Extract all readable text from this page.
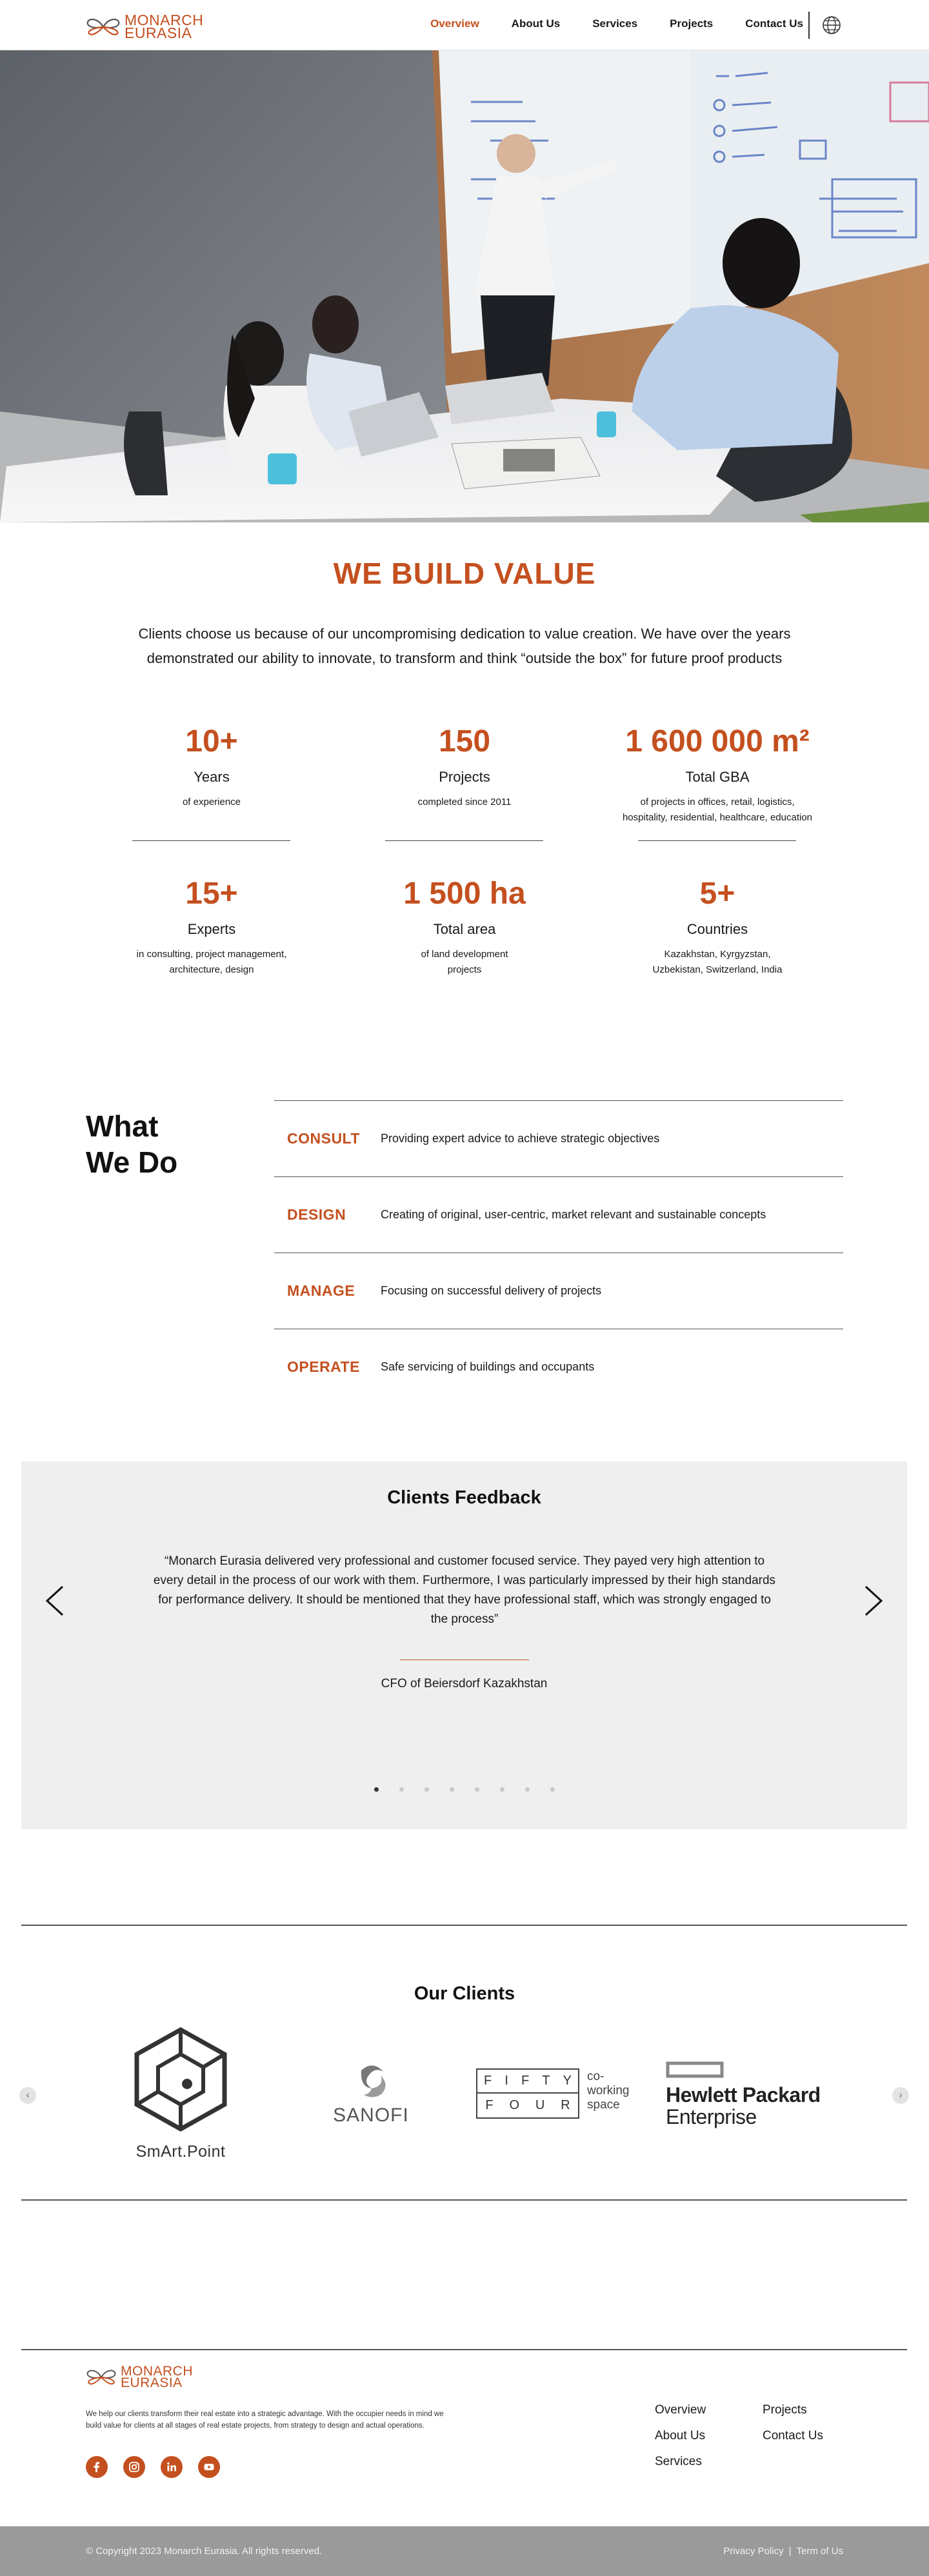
MONARCH
EURASIA
Overview	About Us	Services	Projects	Contact Us
WE BUILD VALUE

Clients choose us because of our uncompromising dedication to value creation. We have over the years demonstrated our ability to innovate, to transform and think “outside the box” for future proof products

10+
Years
of experience
150
Projects
completed since 2011
1 600 000 m²
Total GBA
of projects in offices, retail, logistics, hospitality, residential, healthcare, education
15+
Experts
in consulting, project management, architecture, design
1 500 ha
Total area
of land development projects
5+
Countries
Kazakhstan, Kyrgyzstan, Uzbekistan, Switzerland, India
What
We Do
CONSULT	Providing expert advice to achieve strategic objectives
DESIGN	Creating of original, user-centric, market relevant and sustainable concepts
MANAGE	Focusing on successful delivery of projects
OPERATE	Safe servicing of buildings and occupants
Clients Feedback

“Monarch Eurasia delivered very professional and customer focused service. They payed very high attention to every detail in the process of our work with them. Furthermore, I was particularly impressed by their high standards for performance delivery. It should be mentioned that they have professional staff, which was strongly engaged to the process”

CFO of Beiersdorf Kazakhstan
Our Clients
‹	›
SmArt.Point
SANOFI
F I F T Y
F O U R
co-
working
space	Hewlett Packard
Enterprise
MONARCH
EURASIA

We help our clients transform their real estate into a strategic advantage. With the occupier needs in mind we build value for clients at all stages of real estate projects, from strategy to design and actual operations.

Overview	Projects
About Us	Contact Us
Services
© Copyright 2023 Monarch Eurasia. All rights reserved.	Privacy Policy | Term of Us
